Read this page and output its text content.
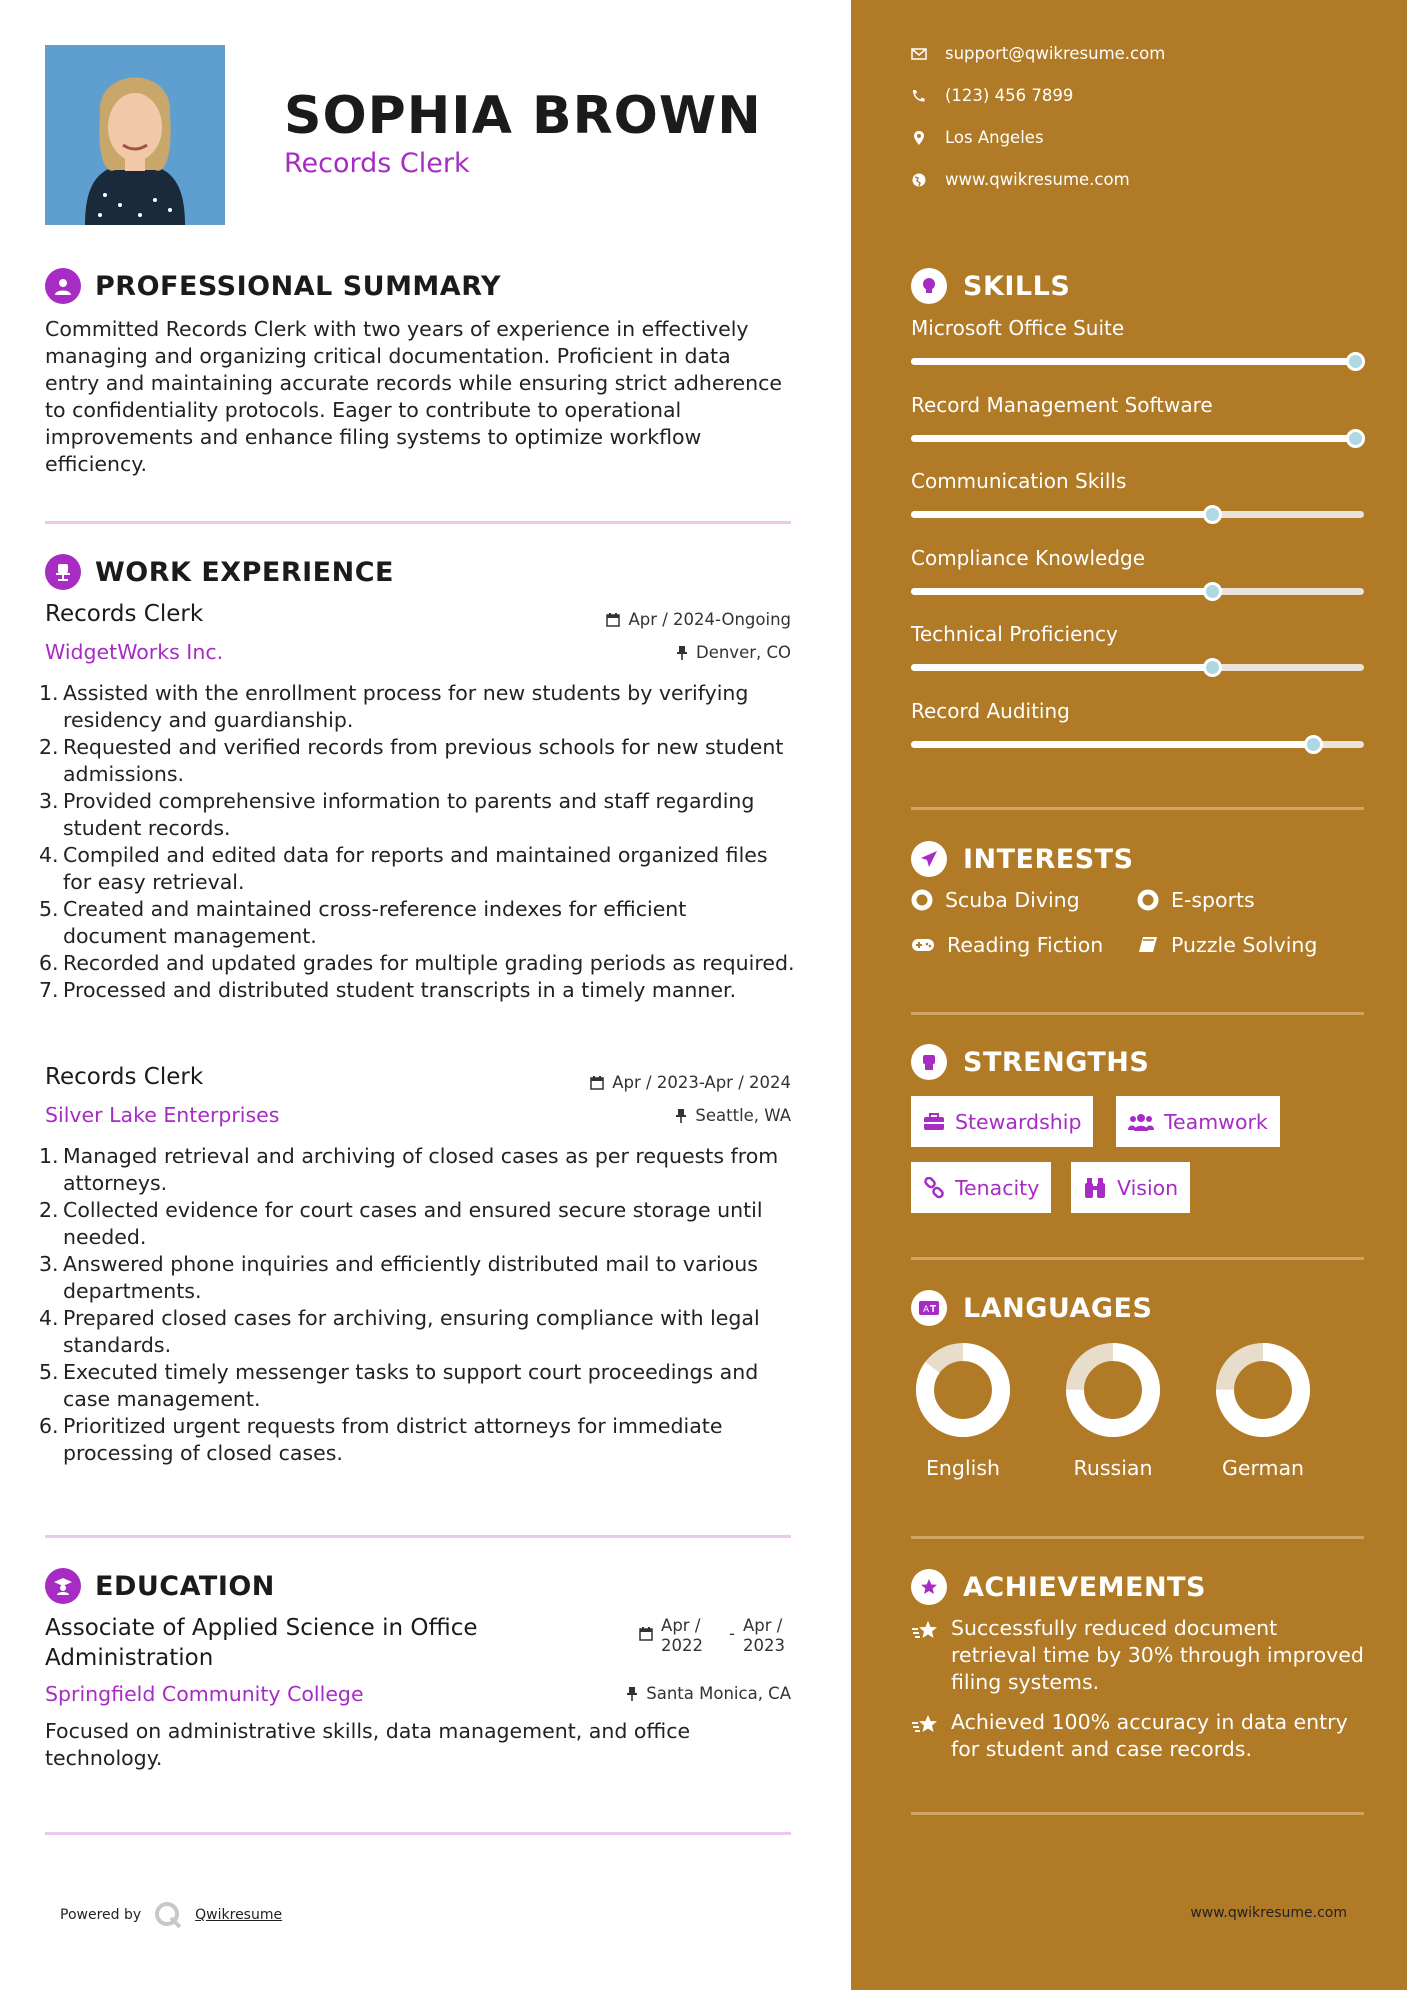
SOPHIA BROWN
Records Clerk
PROFESSIONAL SUMMARY
Committed Records Clerk with two years of experience in effectively managing and organizing critical documentation. Proficient in data entry and maintaining accurate records while ensuring strict adherence to confidentiality protocols. Eager to contribute to operational improvements and enhance filing systems to optimize workflow efficiency.
WORK EXPERIENCE
Records Clerk	Apr / 2024-Ongoing
WidgetWorks Inc.	Denver, CO
Assisted with the enrollment process for new students by verifying residency and guardianship.
Requested and verified records from previous schools for new student admissions.
Provided comprehensive information to parents and staff regarding student records.
Compiled and edited data for reports and maintained organized files for easy retrieval.
Created and maintained cross-reference indexes for efficient document management.
Recorded and updated grades for multiple grading periods as required.
Processed and distributed student transcripts in a timely manner.
Records Clerk	Apr / 2023-Apr / 2024
Silver Lake Enterprises	Seattle, WA
Managed retrieval and archiving of closed cases as per requests from attorneys.
Collected evidence for court cases and ensured secure storage until needed.
Answered phone inquiries and efficiently distributed mail to various departments.
Prepared closed cases for archiving, ensuring compliance with legal standards.
Executed timely messenger tasks to support court proceedings and case management.
Prioritized urgent requests from district attorneys for immediate processing of closed cases.
EDUCATION
Associate of Applied Science in Office Administration
Apr / 2022
- Apr / 2023
Springfield Community College	Santa Monica, CA
Focused on administrative skills, data management, and office technology.
Powered by	Qwikresume
support@qwikresume.com
(123) 456 7899
Los Angeles
www.qwikresume.com
SKILLS
Microsoft Office Suite
Record Management Software
Communication Skills
Compliance Knowledge
Technical Proficiency
Record Auditing
INTERESTS
Scuba Diving	E-sports
Reading Fiction	Puzzle Solving
STRENGTHS
Stewardship	Teamwork
Tenacity	Vision
A LANGUAGES
English	Russian	German
ACHIEVEMENTS
Successfully reduced document retrieval time by 30% through improved filing systems.
Achieved 100% accuracy in data entry for student and case records.
www.qwikresume.com
